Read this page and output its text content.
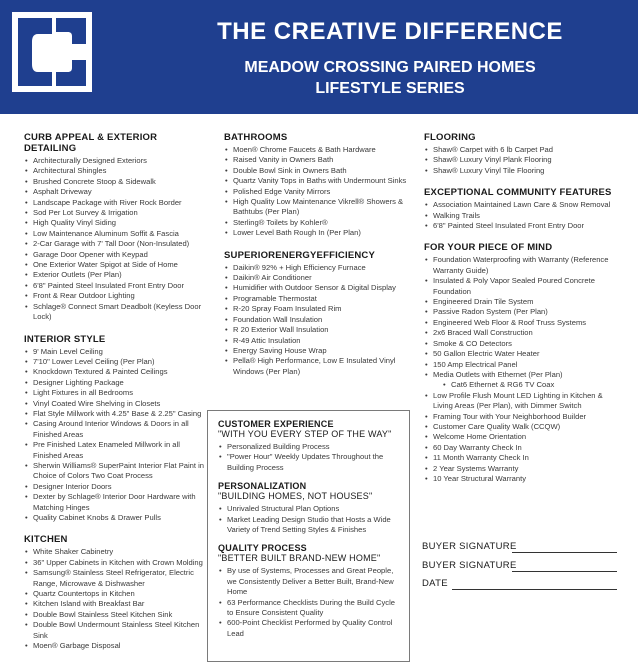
THE CREATIVE DIFFERENCE
MEADOW CROSSING PAIRED HOMES
LIFESTYLE SERIES
CURB APPEAL & EXTERIOR DETAILING
• Architecturally Designed Exteriors
• Architectural Shingles
• Brushed Concrete Stoop & Sidewalk
• Asphalt Driveway
• Landscape Package with River Rock Border
• Sod Per Lot Survey & Irrigation
• High Quality Vinyl Siding
• Low Maintenance Aluminum Soffit & Fascia
• 2-Car Garage with 7' Tall Door (Non-Insulated)
• Garage Door Opener with Keypad
• One Exterior Water Spigot at Side of Home
• Exterior Outlets (Per Plan)
• 6'8" Painted Steel Insulated Front Entry Door
• Front & Rear Outdoor Lighting
• Schlage® Connect Smart Deadbolt (Keyless Door Lock)
INTERIOR STYLE
• 9' Main Level Ceiling
• 7'10" Lower Level Ceiling (Per Plan)
• Knockdown Textured & Painted Ceilings
• Designer Lighting Package
• Light Fixtures in all Bedrooms
• Vinyl Coated Wire Shelving in Closets
• Flat Style Millwork with 4.25" Base & 2.25" Casing
• Casing Around Interior Windows & Doors in all Finished Areas
• Pre Finished Latex Enameled Millwork in all Finished Areas
• Sherwin Williams® SuperPaint Interior Flat Paint in Choice of Colors Two Coat Process
• Designer Interior Doors
• Dexter by Schlage® Interior Door Hardware with Matching Hinges
• Quality Cabinet Knobs & Drawer Pulls
KITCHEN
• White Shaker Cabinetry
• 36" Upper Cabinets in Kitchen with Crown Molding
• Samsung® Stainless Steel Refrigerator, Electric Range, Microwave & Dishwasher
• Quartz Countertops in Kitchen
• Kitchen Island with Breakfast Bar
• Double Bowl Stainless Steel Kitchen Sink
• Double Bowl Undermount Stainless Steel Kitchen Sink
• Moen® Garbage Disposal
BATHROOMS
• Moen® Chrome Faucets & Bath Hardware
• Raised Vanity in Owners Bath
• Double Bowl Sink in Owners Bath
• Quartz Vanity Tops in Baths with Undermount Sinks
• Polished Edge Vanity Mirrors
• High Quality Low Maintenance Vikrell® Showers & Bathtubs (Per Plan)
• Sterling® Toilets by Kohler®
• Lower Level Bath Rough In (Per Plan)
SUPERIORENERGYEFFICIENCY
• Daikin® 92% + High Efficiency Furnace
• Daikin® Air Conditioner
• Humidifier with Outdoor Sensor & Digital Display
• Programable Thermostat
• R-20 Spray Foam Insulated Rim
• Foundation Wall Insulation
• R 20 Exterior Wall Insulation
• R-49 Attic Insulation
• Energy Saving House Wrap
• Pella® High Performance, Low E Insulated Vinyl Windows (Per Plan)
CUSTOMER EXPERIENCE
"WITH YOU EVERY STEP OF THE WAY"
• Personalized Building Process
• "Power Hour" Weekly Updates Throughout the Building Process
PERSONALIZATION
"BUILDING HOMES, NOT HOUSES"
• Unrivaled Structural Plan Options
• Market Leading Design Studio that Hosts a Wide Variety of Trend Setting Styles & Finishes
QUALITY PROCESS
"BETTER BUILT BRAND-NEW HOME"
• By use of Systems, Processes and Great People, we Consistently Deliver a Better Built, Brand-New Home
• 63 Performance Checklists During the Build Cycle to Ensure Consistent Quality
• 600-Point Checklist Performed by Quality Control Lead
FLOORING
• Shaw® Carpet with 6 lb Carpet Pad
• Shaw® Luxury Vinyl Plank Flooring
• Shaw® Luxury Vinyl Tile Flooring
EXCEPTIONAL COMMUNITY FEATURES
• Association Maintained Lawn Care & Snow Removal
• Walking Trails
• 6'8" Painted Steel Insulated Front Entry Door
FOR YOUR PIECE OF MIND
• Foundation Waterproofing with Warranty (Reference Warranty Guide)
• Insulated & Poly Vapor Sealed Poured Concrete Foundation
• Engineered Drain Tile System
• Passive Radon System (Per Plan)
• Engineered Web Floor & Roof Truss Systems
• 2x6 Braced Wall Construction
• Smoke & CO Detectors
• 50 Gallon Electric Water Heater
• 150 Amp Electrical Panel
• Media Outlets with Ethernet (Per Plan)
• Cat6 Ethernet & RG6 TV Coax
• Low Profile Flush Mount LED Lighting in Kitchen & Living Areas (Per Plan), with Dimmer Switch
• Framing Tour with Your Neighborhood Builder
• Customer Care Quality Walk (CCQW)
• Welcome Home Orientation
• 60 Day Warranty Check In
• 11 Month Warranty Check In
• 2 Year Systems Warranty
• 10 Year Structural Warranty
BUYER SIGNATURE
BUYER SIGNATURE
DATE
